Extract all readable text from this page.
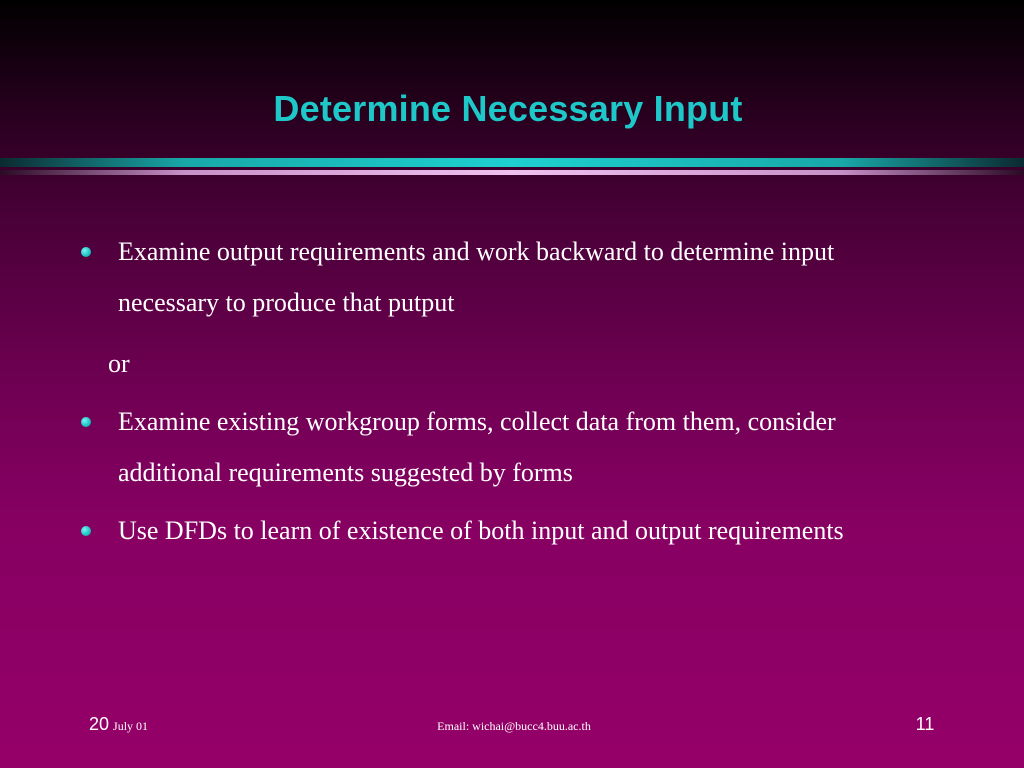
Determine Necessary Input
Examine output requirements and work backward to determine input necessary to produce that putput
or
Examine existing workgroup forms, collect data from them, consider additional requirements suggested by forms
Use DFDs to learn of existence of both input and output requirements
20 July 01	Email: wichai@bucc4.buu.ac.th	11
